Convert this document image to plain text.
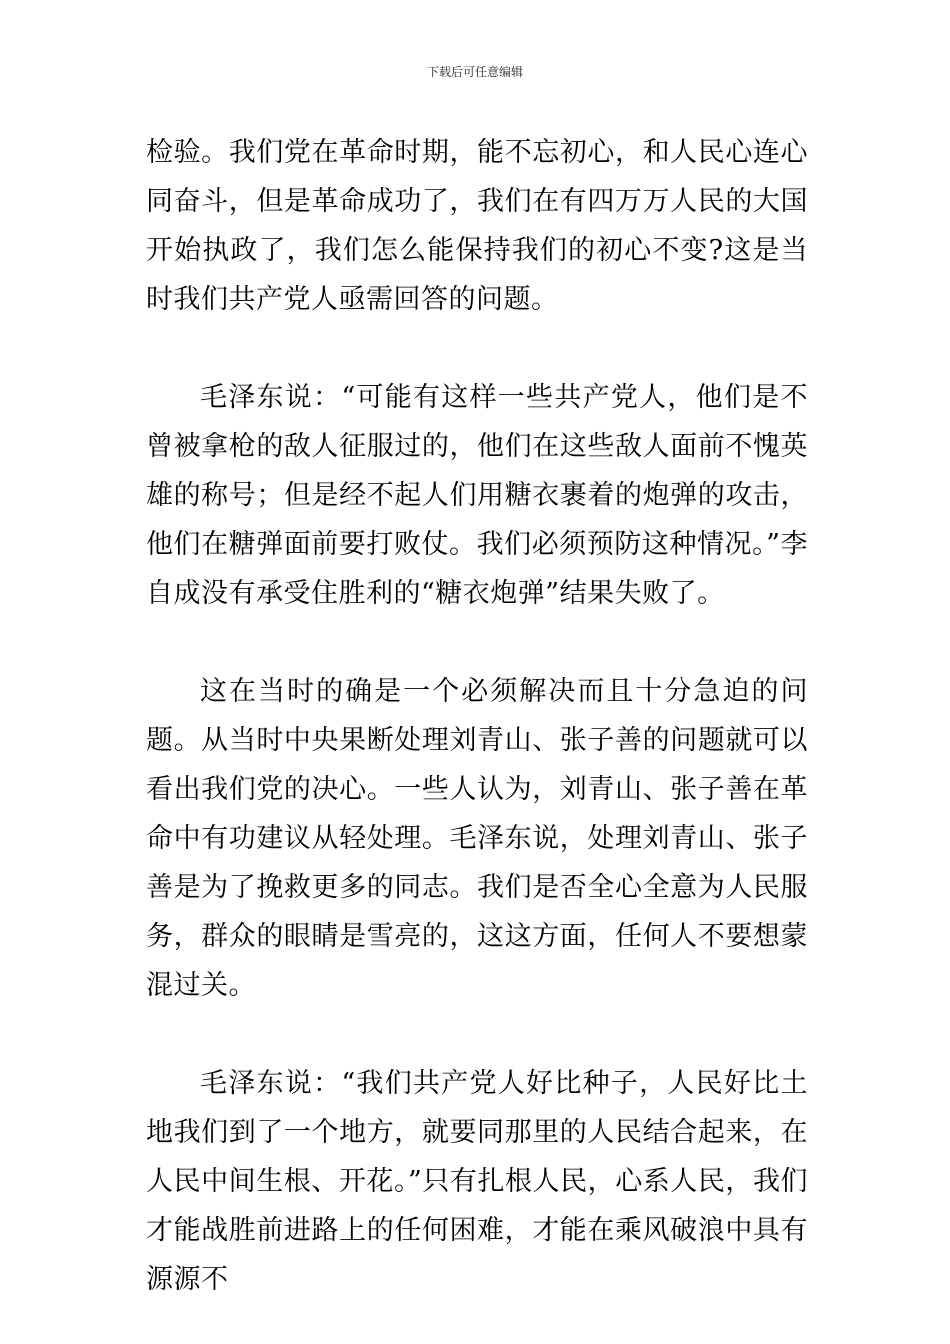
下载后可任意编辑

检验。我们党在革命时期，能不忘初心，和人民心连心同奋斗，但是革命成功了，我们在有四万万人民的大国开始执政了，我们怎么能保持我们的初心不变?这是当时我们共产党人亟需回答的问题。

毛泽东说：“可能有这样一些共产党人，他们是不曾被拿枪的敌人征服过的，他们在这些敌人面前不愧英雄的称号；但是经不起人们用糖衣裹着的炮弹的攻击，他们在糖弹面前要打败仗。我们必须预防这种情况。”李自成没有承受住胜利的“糖衣炮弹”结果失败了。

这在当时的确是一个必须解决而且十分急迫的问题。从当时中央果断处理刘青山、张子善的问题就可以看出我们党的决心。一些人认为，刘青山、张子善在革命中有功建议从轻处理。毛泽东说，处理刘青山、张子善是为了挽救更多的同志。我们是否全心全意为人民服务，群众的眼睛是雪亮的，这这方面，任何人不要想蒙混过关。

毛泽东说：“我们共产党人好比种子，人民好比土地我们到了一个地方，就要同那里的人民结合起来，在人民中间生根、开花。”只有扎根人民，心系人民，我们才能战胜前进路上的任何困难，才能在乘风破浪中具有源源不
